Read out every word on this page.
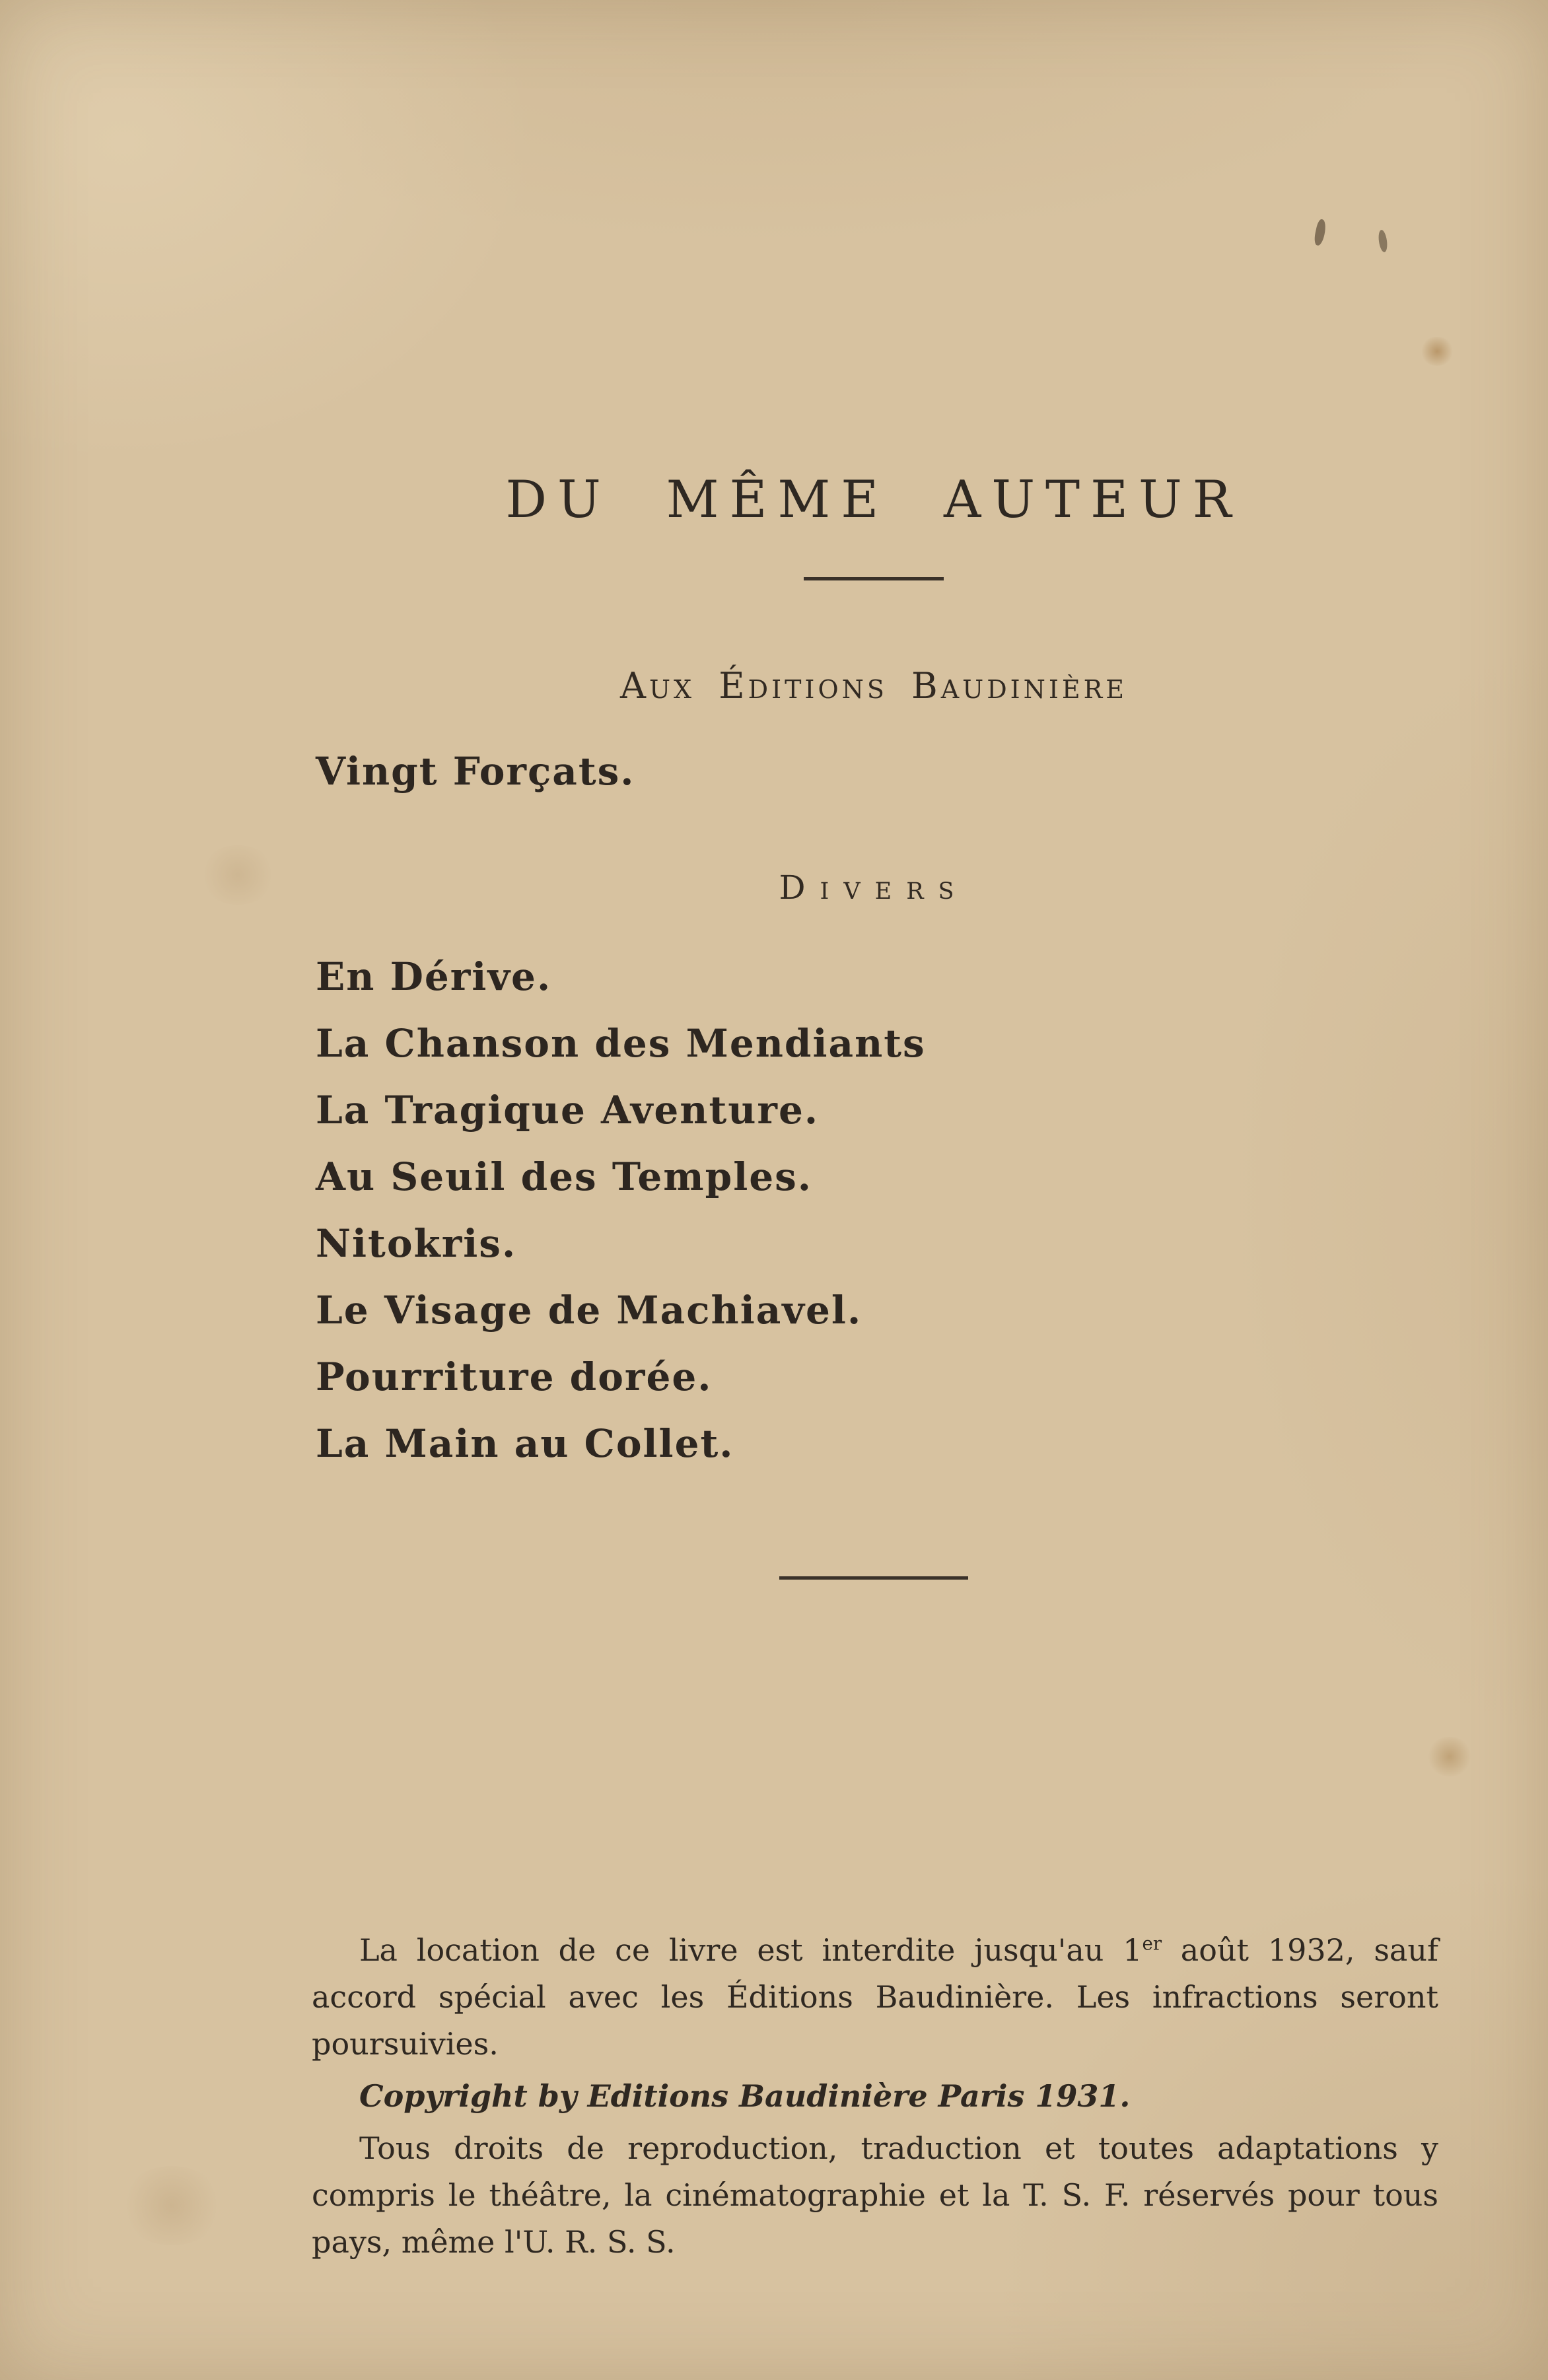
DU MÊME AUTEUR
Aux Éditions Baudinière
Vingt Forçats.
Divers
En Dérive.
La Chanson des Mendiants
La Tragique Aventure.
Au Seuil des Temples.
Nitokris.
Le Visage de Machiavel.
Pourriture dorée.
La Main au Collet.

La location de ce livre est interdite jusqu'au 1er août 1932, sauf accord spécial avec les Éditions Baudinière. Les infractions seront poursuivies.

Copyright by Editions Baudinière Paris 1931.

Tous droits de reproduction, traduction et toutes adaptations y compris le théâtre, la cinématographie et la T. S. F. réservés pour tous pays, même l'U. R. S. S.
